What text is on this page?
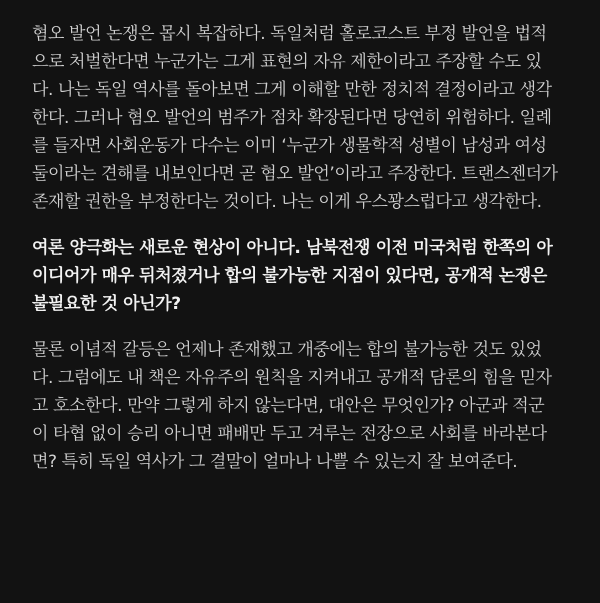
혐오 발언 논쟁은 몹시 복잡하다. 독일처럼 홀로코스트 부정 발언을 법적
으로 처벌한다면 누군가는 그게 표현의 자유 제한이라고 주장할 수도 있
다. 나는 독일 역사를 돌아보면 그게 이해할 만한 정치적 결정이라고 생각
한다. 그러나 혐오 발언의 범주가 점차 확장된다면 당연히 위험하다. 일례
를 들자면 사회운동가 다수는 이미 ‘누군가 생물학적 성별이 남성과 여성
둘이라는 견해를 내보인다면 곧 혐오 발언’이라고 주장한다. 트랜스젠더가
존재할 권한을 부정한다는 것이다. 나는 이게 우스꽝스럽다고 생각한다.

여론 양극화는 새로운 현상이 아니다. 남북전쟁 이전 미국처럼 한쪽의 아
이디어가 매우 뒤처졌거나 합의 불가능한 지점이 있다면, 공개적 논쟁은
불필요한 것 아닌가?

물론 이념적 갈등은 언제나 존재했고 개중에는 합의 불가능한 것도 있었
다. 그럼에도 내 책은 자유주의 원칙을 지켜내고 공개적 담론의 힘을 믿자
고 호소한다. 만약 그렇게 하지 않는다면, 대안은 무엇인가? 아군과 적군
이 타협 없이 승리 아니면 패배만 두고 겨루는 전장으로 사회를 바라본다
면? 특히 독일 역사가 그 결말이 얼마나 나쁠 수 있는지 잘 보여준다.
